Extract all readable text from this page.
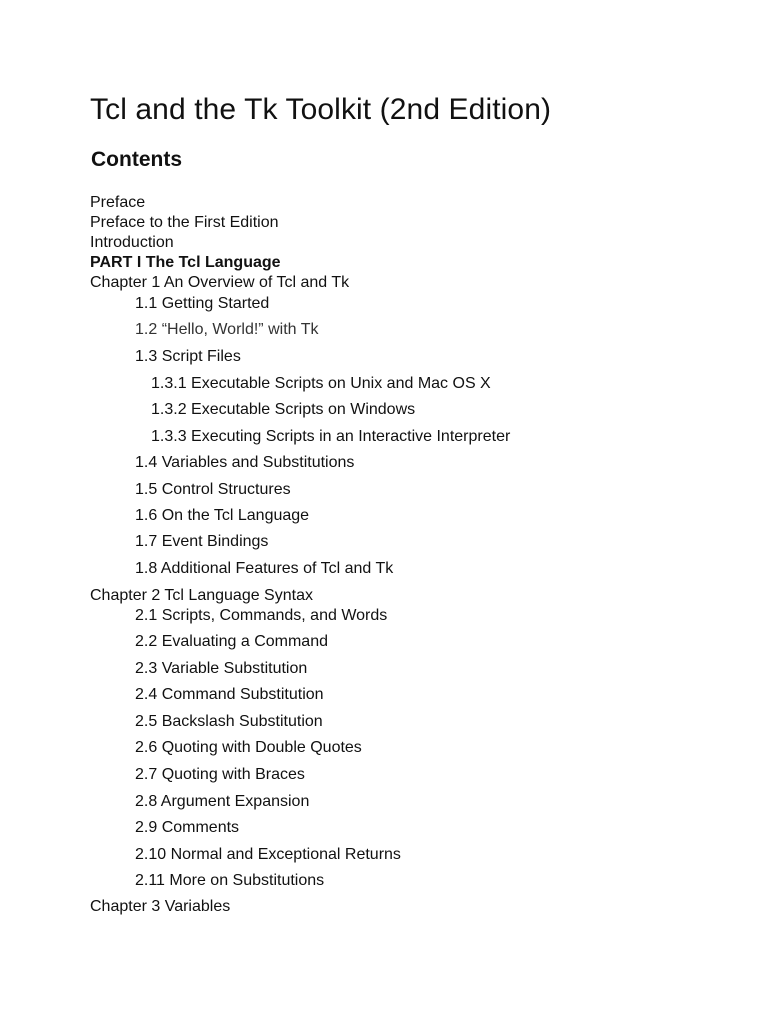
Tcl and the Tk Toolkit (2nd Edition)
Contents
Preface
Preface to the First Edition
Introduction
PART I The Tcl Language
Chapter 1 An Overview of Tcl and Tk
1.1 Getting Started
1.2 “Hello, World!” with Tk
1.3 Script Files
1.3.1 Executable Scripts on Unix and Mac OS X
1.3.2 Executable Scripts on Windows
1.3.3 Executing Scripts in an Interactive Interpreter
1.4 Variables and Substitutions
1.5 Control Structures
1.6 On the Tcl Language
1.7 Event Bindings
1.8 Additional Features of Tcl and Tk
Chapter 2 Tcl Language Syntax
2.1 Scripts, Commands, and Words
2.2 Evaluating a Command
2.3 Variable Substitution
2.4 Command Substitution
2.5 Backslash Substitution
2.6 Quoting with Double Quotes
2.7 Quoting with Braces
2.8 Argument Expansion
2.9 Comments
2.10 Normal and Exceptional Returns
2.11 More on Substitutions
Chapter 3 Variables
